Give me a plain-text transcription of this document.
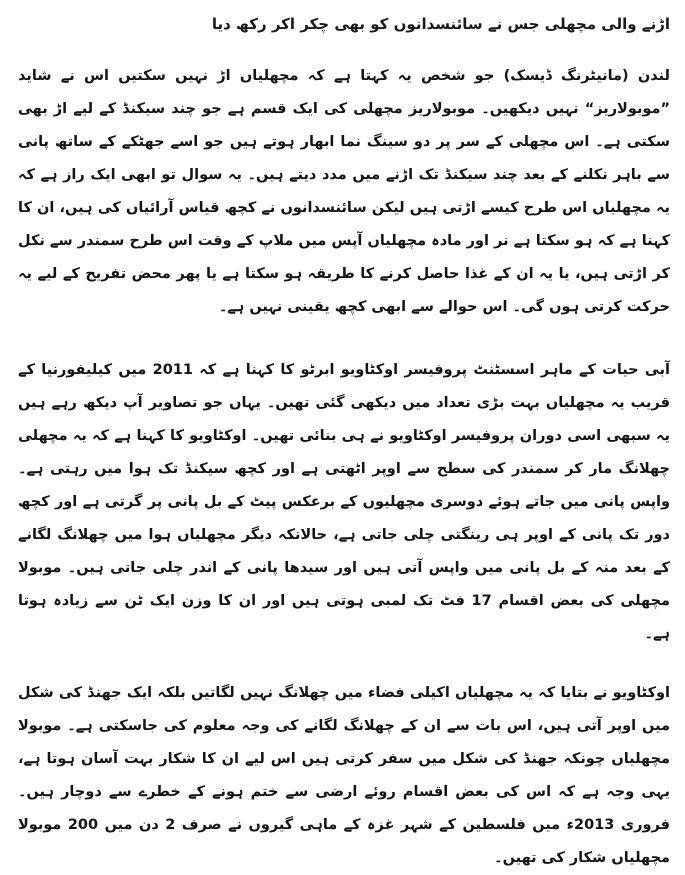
اڑنے والی مچھلی جس نے سائنسدانوں کو بھی چکر اکر رکھ دیا

لندن (مانیٹرنگ ڈیسک) جو شخص یہ کہتا ہے کہ مچھلیاں اڑ نہیں سکتیں اس نے شاید ”موبولاریز“ نہیں دیکھیں۔ موبولاریز مچھلی کی ایک قسم ہے جو چند سیکنڈ کے لیے اڑ بھی سکتی ہے۔ اس مچھلی کے سر پر دو سینگ نما ابھار ہوتے ہیں جو اسے جھٹکے کے ساتھ پانی سے باہر نکلنے کے بعد چند سیکنڈ تک اڑنے میں مدد دیتے ہیں۔ یہ سوال تو ابھی ایک راز ہے کہ یہ مچھلیاں اس طرح کیسے اڑتی ہیں لیکن سائنسدانوں نے کچھ قیاس آرائیاں کی ہیں، ان کا کہنا ہے کہ ہو سکتا ہے نر اور مادہ مچھلیاں آپس میں ملاپ کے وقت اس طرح سمندر سے نکل کر اڑتی ہیں، یا یہ ان کے غذا حاصل کرنے کا طریقہ ہو سکتا ہے یا پھر محض تفریح کے لیے یہ حرکت کرتی ہوں گی۔ اس حوالے سے ابھی کچھ یقینی نہیں ہے۔

آبی حیات کے ماہر اسسٹنٹ پروفیسر اوکٹاویو ابرٹو کا کہنا ہے کہ 2011 میں کیلیفورنیا کے قریب یہ مچھلیاں بہت بڑی تعداد میں دیکھی گئی تھیں۔ یہاں جو تصاویر آپ دیکھ رہے ہیں یہ سبھی اسی دوران پروفیسر اوکٹاویو نے ہی بنائی تھیں۔ اوکٹاویو کا کہنا ہے کہ یہ مچھلی چھلانگ مار کر سمندر کی سطح سے اوپر اٹھتی ہے اور کچھ سیکنڈ تک ہوا میں رہتی ہے۔ واپس پانی میں جاتے ہوئے دوسری مچھلیوں کے برعکس پیٹ کے بل پانی پر گرتی ہے اور کچھ دور تک پانی کے اوپر ہی رینگتی چلی جاتی ہے، حالانکہ دیگر مچھلیاں ہوا میں چھلانگ لگانے کے بعد منہ کے بل پانی میں واپس آتی ہیں اور سیدھا پانی کے اندر چلی جاتی ہیں۔ موبولا مچھلی کی بعض اقسام 17 فٹ تک لمبی ہوتی ہیں اور ان کا وزن ایک ٹن سے زیادہ ہوتا ہے۔

اوکٹاویو نے بتایا کہ یہ مچھلیاں اکیلی فضاء میں چھلانگ نہیں لگاتیں بلکہ ایک جھنڈ کی شکل میں اوپر آتی ہیں، اس بات سے ان کے چھلانگ لگانے کی وجہ معلوم کی جاسکتی ہے۔ موبولا مچھلیاں چونکہ جھنڈ کی شکل میں سفر کرتی ہیں اس لیے ان کا شکار بہت آسان ہوتا ہے، یہی وجہ ہے کہ اس کی بعض اقسام روئے ارضی سے ختم ہونے کے خطرے سے دوچار ہیں۔ فروری 2013ء میں فلسطین کے شہر غزہ کے ماہی گیروں نے صرف 2 دن میں 200 موبولا مچھلیاں شکار کی تھیں۔
